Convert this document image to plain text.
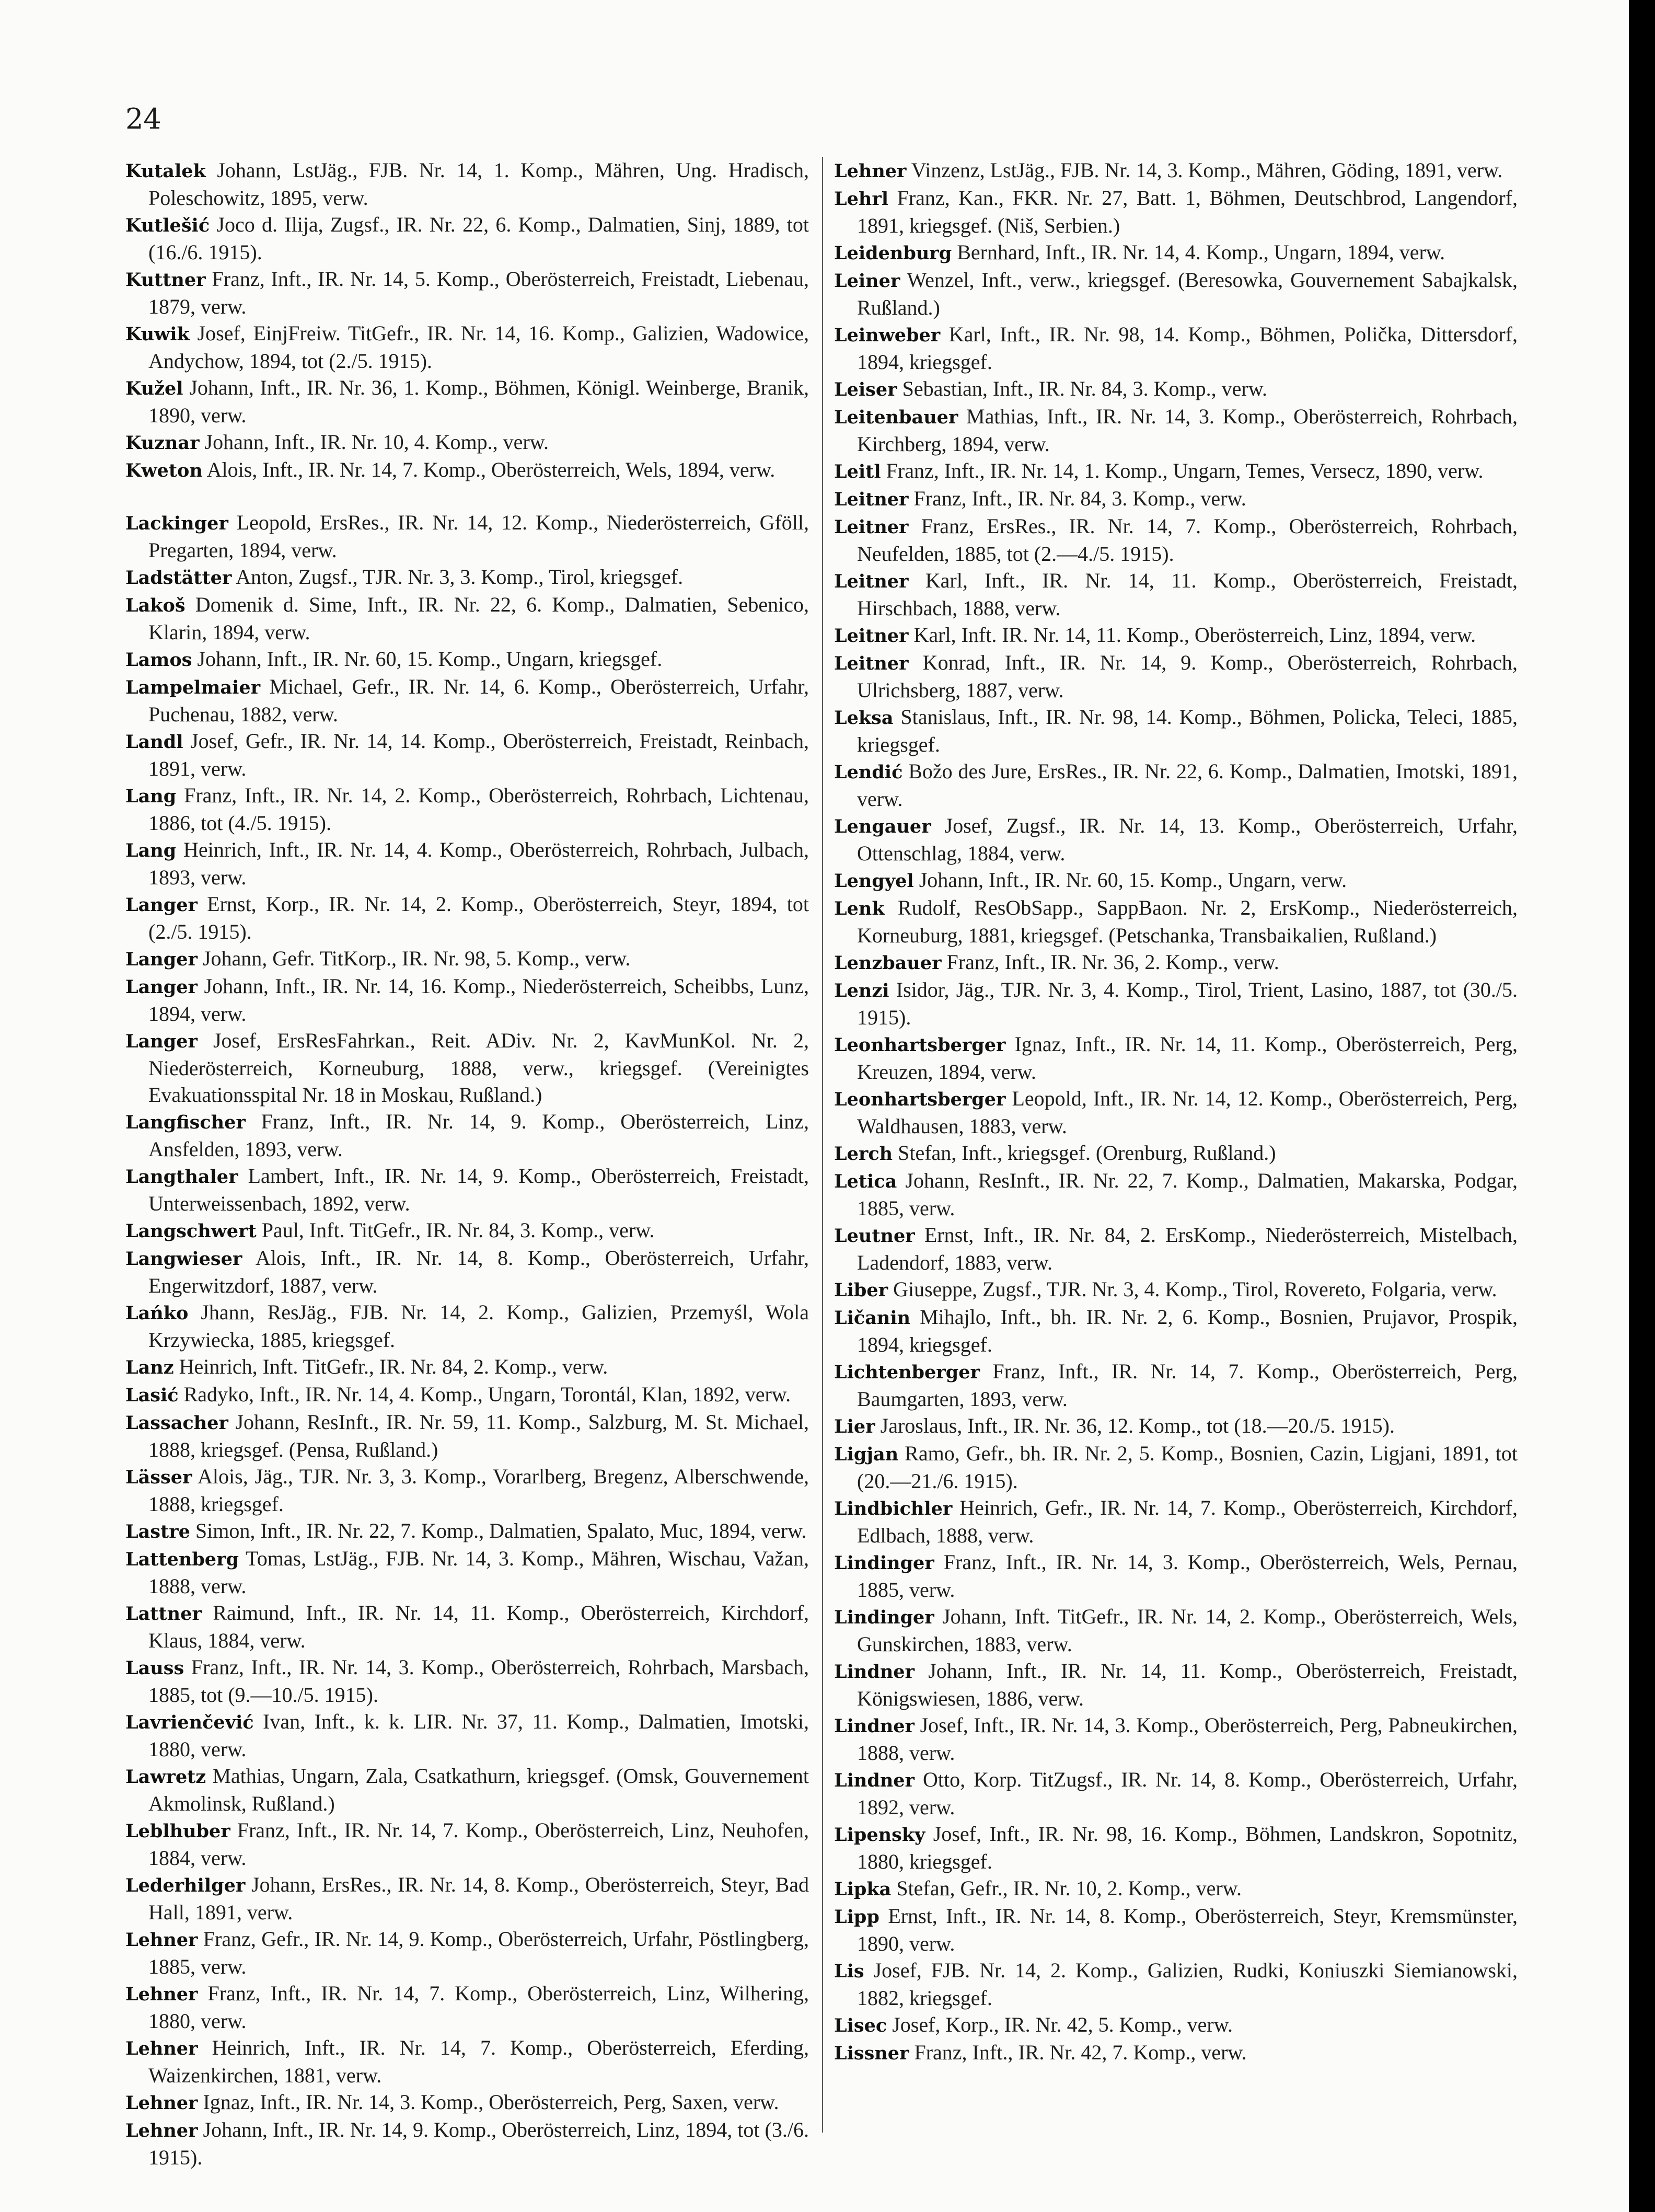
24

Kutalek Johann, LstJäg., FJB. Nr. 14, 1. Komp., Mähren, Ung. Hradisch, Poleschowitz, 1895, verw.

Kutlešić Joco d. Ilija, Zugsf., IR. Nr. 22, 6. Komp., Dalmatien, Sinj, 1889, tot (16./6. 1915).

Kuttner Franz, Inft., IR. Nr. 14, 5. Komp., Oberösterreich, Freistadt, Liebenau, 1879, verw.

Kuwik Josef, EinjFreiw. TitGefr., IR. Nr. 14, 16. Komp., Galizien, Wadowice, Andychow, 1894, tot (2./5. 1915).

Kužel Johann, Inft., IR. Nr. 36, 1. Komp., Böhmen, Königl. Weinberge, Branik, 1890, verw.

Kuznar Johann, Inft., IR. Nr. 10, 4. Komp., verw.

Kweton Alois, Inft., IR. Nr. 14, 7. Komp., Oberösterreich, Wels, 1894, verw.

Lackinger Leopold, ErsRes., IR. Nr. 14, 12. Komp., Niederösterreich, Gföll, Pregarten, 1894, verw.

Ladstätter Anton, Zugsf., TJR. Nr. 3, 3. Komp., Tirol, kriegsgef.

Lakoš Domenik d. Sime, Inft., IR. Nr. 22, 6. Komp., Dalmatien, Sebenico, Klarin, 1894, verw.

Lamos Johann, Inft., IR. Nr. 60, 15. Komp., Ungarn, kriegsgef.

Lampelmaier Michael, Gefr., IR. Nr. 14, 6. Komp., Oberösterreich, Urfahr, Puchenau, 1882, verw.

Landl Josef, Gefr., IR. Nr. 14, 14. Komp., Oberösterreich, Freistadt, Reinbach, 1891, verw.

Lang Franz, Inft., IR. Nr. 14, 2. Komp., Oberösterreich, Rohrbach, Lichtenau, 1886, tot (4./5. 1915).

Lang Heinrich, Inft., IR. Nr. 14, 4. Komp., Oberösterreich, Rohrbach, Julbach, 1893, verw.

Langer Ernst, Korp., IR. Nr. 14, 2. Komp., Oberösterreich, Steyr, 1894, tot (2./5. 1915).

Langer Johann, Gefr. TitKorp., IR. Nr. 98, 5. Komp., verw.

Langer Johann, Inft., IR. Nr. 14, 16. Komp., Niederösterreich, Scheibbs, Lunz, 1894, verw.

Langer Josef, ErsResFahrkan., Reit. ADiv. Nr. 2, KavMunKol. Nr. 2, Niederösterreich, Korneuburg, 1888, verw., kriegsgef. (Vereinigtes Evakuationsspital Nr. 18 in Moskau, Rußland.)

Langfischer Franz, Inft., IR. Nr. 14, 9. Komp., Oberösterreich, Linz, Ansfelden, 1893, verw.

Langthaler Lambert, Inft., IR. Nr. 14, 9. Komp., Oberösterreich, Freistadt, Unterweissenbach, 1892, verw.

Langschwert Paul, Inft. TitGefr., IR. Nr. 84, 3. Komp., verw.

Langwieser Alois, Inft., IR. Nr. 14, 8. Komp., Oberösterreich, Urfahr, Engerwitzdorf, 1887, verw.

Lańko Jhann, ResJäg., FJB. Nr. 14, 2. Komp., Galizien, Przemyśl, Wola Krzywiecka, 1885, kriegsgef.

Lanz Heinrich, Inft. TitGefr., IR. Nr. 84, 2. Komp., verw.

Lasić Radyko, Inft., IR. Nr. 14, 4. Komp., Ungarn, Torontál, Klan, 1892, verw.

Lassacher Johann, ResInft., IR. Nr. 59, 11. Komp., Salzburg, M. St. Michael, 1888, kriegsgef. (Pensa, Rußland.)

Lässer Alois, Jäg., TJR. Nr. 3, 3. Komp., Vorarlberg, Bregenz, Alberschwende, 1888, kriegsgef.

Lastre Simon, Inft., IR. Nr. 22, 7. Komp., Dalmatien, Spalato, Muc, 1894, verw.

Lattenberg Tomas, LstJäg., FJB. Nr. 14, 3. Komp., Mähren, Wischau, Važan, 1888, verw.

Lattner Raimund, Inft., IR. Nr. 14, 11. Komp., Oberösterreich, Kirchdorf, Klaus, 1884, verw.

Lauss Franz, Inft., IR. Nr. 14, 3. Komp., Oberösterreich, Rohrbach, Marsbach, 1885, tot (9.—10./5. 1915).

Lavrienčević Ivan, Inft., k. k. LIR. Nr. 37, 11. Komp., Dalmatien, Imotski, 1880, verw.

Lawretz Mathias, Ungarn, Zala, Csatkathurn, kriegsgef. (Omsk, Gouvernement Akmolinsk, Rußland.)

Leblhuber Franz, Inft., IR. Nr. 14, 7. Komp., Oberösterreich, Linz, Neuhofen, 1884, verw.

Lederhilger Johann, ErsRes., IR. Nr. 14, 8. Komp., Oberösterreich, Steyr, Bad Hall, 1891, verw.

Lehner Franz, Gefr., IR. Nr. 14, 9. Komp., Oberösterreich, Urfahr, Pöstlingberg, 1885, verw.

Lehner Franz, Inft., IR. Nr. 14, 7. Komp., Oberösterreich, Linz, Wilhering, 1880, verw.

Lehner Heinrich, Inft., IR. Nr. 14, 7. Komp., Oberösterreich, Eferding, Waizenkirchen, 1881, verw.

Lehner Ignaz, Inft., IR. Nr. 14, 3. Komp., Oberösterreich, Perg, Saxen, verw.

Lehner Johann, Inft., IR. Nr. 14, 9. Komp., Oberösterreich, Linz, 1894, tot (3./6. 1915).

Lehner Vinzenz, LstJäg., FJB. Nr. 14, 3. Komp., Mähren, Göding, 1891, verw.

Lehrl Franz, Kan., FKR. Nr. 27, Batt. 1, Böhmen, Deutschbrod, Langendorf, 1891, kriegsgef. (Niš, Serbien.)

Leidenburg Bernhard, Inft., IR. Nr. 14, 4. Komp., Ungarn, 1894, verw.

Leiner Wenzel, Inft., verw., kriegsgef. (Beresowka, Gouvernement Sabajkalsk, Rußland.)

Leinweber Karl, Inft., IR. Nr. 98, 14. Komp., Böhmen, Polička, Dittersdorf, 1894, kriegsgef.

Leiser Sebastian, Inft., IR. Nr. 84, 3. Komp., verw.

Leitenbauer Mathias, Inft., IR. Nr. 14, 3. Komp., Oberösterreich, Rohrbach, Kirchberg, 1894, verw.

Leitl Franz, Inft., IR. Nr. 14, 1. Komp., Ungarn, Temes, Versecz, 1890, verw.

Leitner Franz, Inft., IR. Nr. 84, 3. Komp., verw.

Leitner Franz, ErsRes., IR. Nr. 14, 7. Komp., Oberösterreich, Rohrbach, Neufelden, 1885, tot (2.—4./5. 1915).

Leitner Karl, Inft., IR. Nr. 14, 11. Komp., Oberösterreich, Freistadt, Hirschbach, 1888, verw.

Leitner Karl, Inft. IR. Nr. 14, 11. Komp., Oberösterreich, Linz, 1894, verw.

Leitner Konrad, Inft., IR. Nr. 14, 9. Komp., Oberösterreich, Rohrbach, Ulrichsberg, 1887, verw.

Leksa Stanislaus, Inft., IR. Nr. 98, 14. Komp., Böhmen, Policka, Teleci, 1885, kriegsgef.

Lendić Božo des Jure, ErsRes., IR. Nr. 22, 6. Komp., Dalmatien, Imotski, 1891, verw.

Lengauer Josef, Zugsf., IR. Nr. 14, 13. Komp., Oberösterreich, Urfahr, Ottenschlag, 1884, verw.

Lengyel Johann, Inft., IR. Nr. 60, 15. Komp., Ungarn, verw.

Lenk Rudolf, ResObSapp., SappBaon. Nr. 2, ErsKomp., Niederösterreich, Korneuburg, 1881, kriegsgef. (Petschanka, Transbaikalien, Rußland.)

Lenzbauer Franz, Inft., IR. Nr. 36, 2. Komp., verw.

Lenzi Isidor, Jäg., TJR. Nr. 3, 4. Komp., Tirol, Trient, Lasino, 1887, tot (30./5. 1915).

Leonhartsberger Ignaz, Inft., IR. Nr. 14, 11. Komp., Oberösterreich, Perg, Kreuzen, 1894, verw.

Leonhartsberger Leopold, Inft., IR. Nr. 14, 12. Komp., Oberösterreich, Perg, Waldhausen, 1883, verw.

Lerch Stefan, Inft., kriegsgef. (Orenburg, Rußland.)

Letica Johann, ResInft., IR. Nr. 22, 7. Komp., Dalmatien, Makarska, Podgar, 1885, verw.

Leutner Ernst, Inft., IR. Nr. 84, 2. ErsKomp., Niederösterreich, Mistelbach, Ladendorf, 1883, verw.

Liber Giuseppe, Zugsf., TJR. Nr. 3, 4. Komp., Tirol, Rovereto, Folgaria, verw.

Ličanin Mihajlo, Inft., bh. IR. Nr. 2, 6. Komp., Bosnien, Prujavor, Prospik, 1894, kriegsgef.

Lichtenberger Franz, Inft., IR. Nr. 14, 7. Komp., Oberösterreich, Perg, Baumgarten, 1893, verw.

Lier Jaroslaus, Inft., IR. Nr. 36, 12. Komp., tot (18.—20./5. 1915).

Ligjan Ramo, Gefr., bh. IR. Nr. 2, 5. Komp., Bosnien, Cazin, Ligjani, 1891, tot (20.—21./6. 1915).

Lindbichler Heinrich, Gefr., IR. Nr. 14, 7. Komp., Oberösterreich, Kirchdorf, Edlbach, 1888, verw.

Lindinger Franz, Inft., IR. Nr. 14, 3. Komp., Oberösterreich, Wels, Pernau, 1885, verw.

Lindinger Johann, Inft. TitGefr., IR. Nr. 14, 2. Komp., Oberösterreich, Wels, Gunskirchen, 1883, verw.

Lindner Johann, Inft., IR. Nr. 14, 11. Komp., Oberösterreich, Freistadt, Königswiesen, 1886, verw.

Lindner Josef, Inft., IR. Nr. 14, 3. Komp., Oberösterreich, Perg, Pabneukirchen, 1888, verw.

Lindner Otto, Korp. TitZugsf., IR. Nr. 14, 8. Komp., Oberösterreich, Urfahr, 1892, verw.

Lipensky Josef, Inft., IR. Nr. 98, 16. Komp., Böhmen, Landskron, Sopotnitz, 1880, kriegsgef.

Lipka Stefan, Gefr., IR. Nr. 10, 2. Komp., verw.

Lipp Ernst, Inft., IR. Nr. 14, 8. Komp., Oberösterreich, Steyr, Kremsmünster, 1890, verw.

Lis Josef, FJB. Nr. 14, 2. Komp., Galizien, Rudki, Koniuszki Siemianowski, 1882, kriegsgef.

Lisec Josef, Korp., IR. Nr. 42, 5. Komp., verw.

Lissner Franz, Inft., IR. Nr. 42, 7. Komp., verw.
